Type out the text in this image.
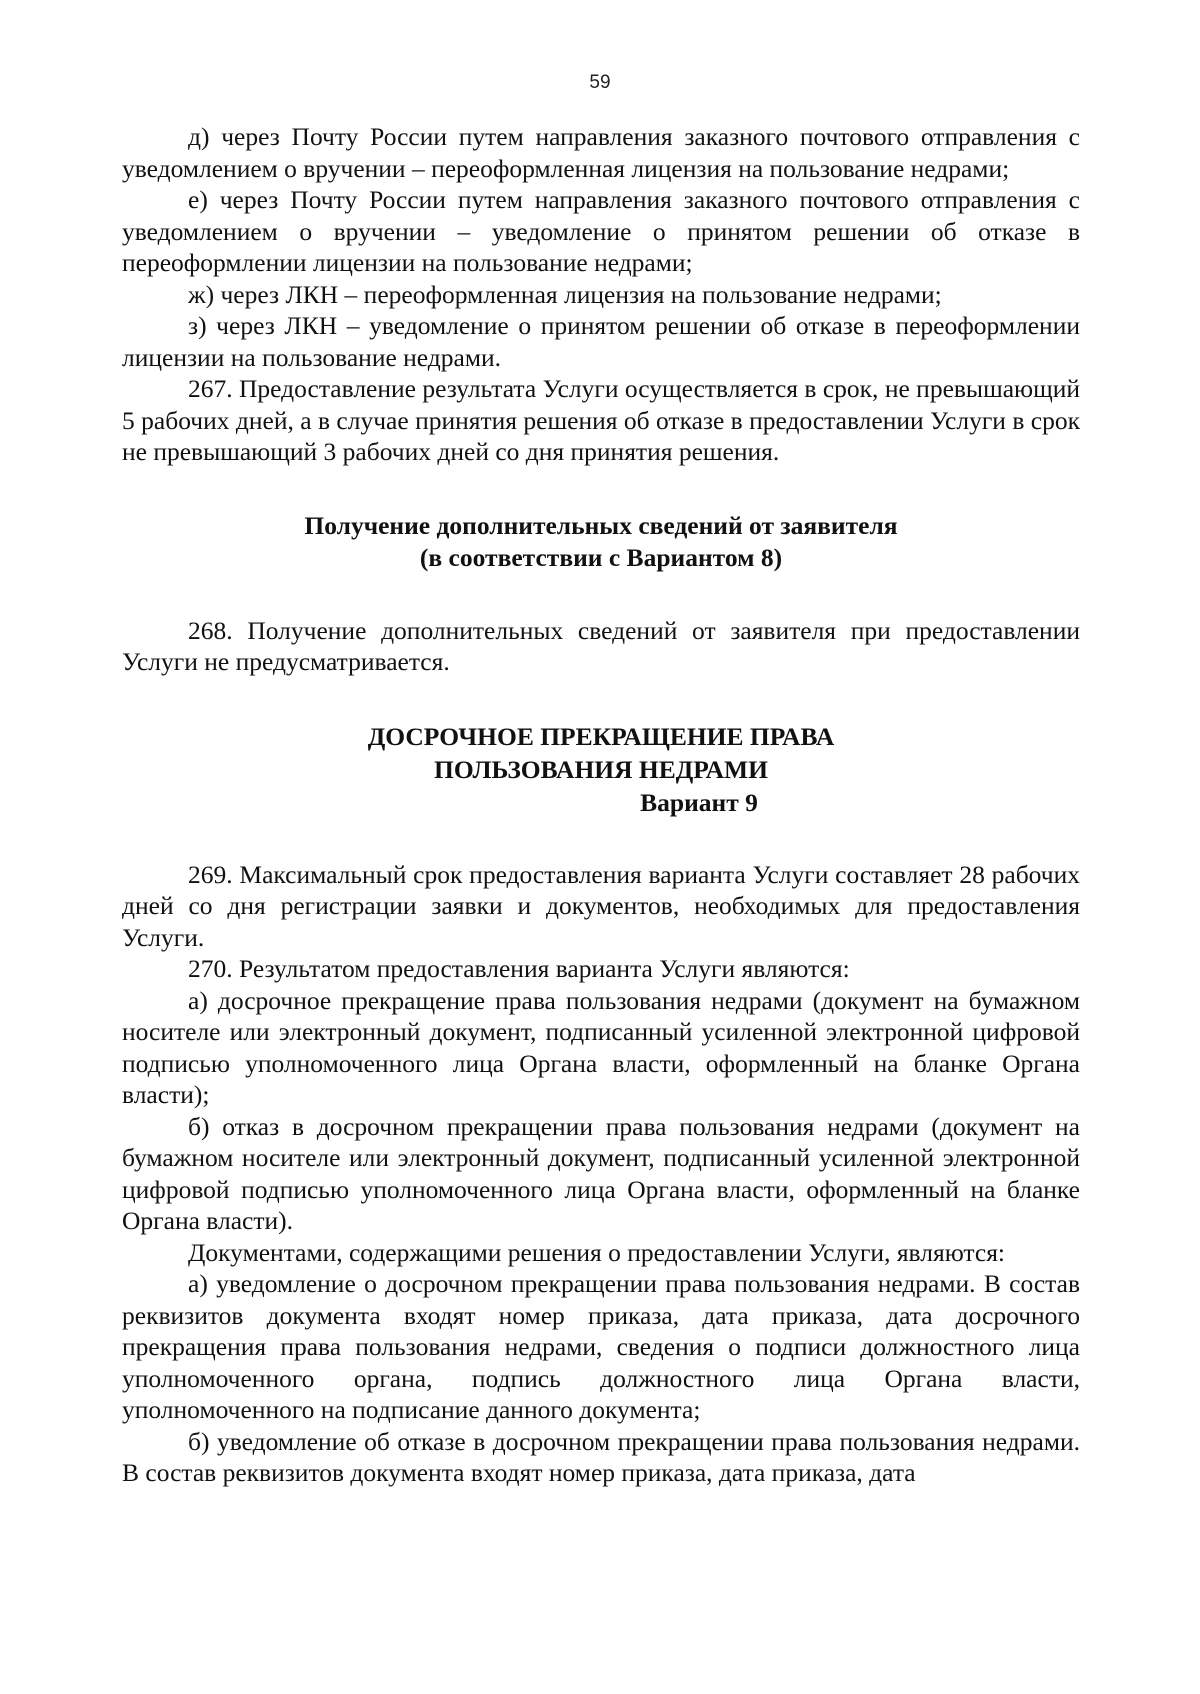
59

д) через Почту России путем направления заказного почтового отправления с уведомлением о вручении – переоформленная лицензия на пользование недрами;

е) через Почту России путем направления заказного почтового отправления с уведомлением о вручении – уведомление о принятом решении об отказе в переоформлении лицензии на пользование недрами;

ж) через ЛКН – переоформленная лицензия на пользование недрами;

з) через ЛКН – уведомление о принятом решении об отказе в переоформлении лицензии на пользование недрами.

267. Предоставление результата Услуги осуществляется в срок, не превышающий 5 рабочих дней, а в случае принятия решения об отказе в предоставлении Услуги в срок не превышающий 3 рабочих дней со дня принятия решения.

Получение дополнительных сведений от заявителя

(в соответствии с Вариантом 8)

268. Получение дополнительных сведений от заявителя при предоставлении Услуги не предусматривается.

ДОСРОЧНОЕ ПРЕКРАЩЕНИЕ ПРАВА

ПОЛЬЗОВАНИЯ НЕДРАМИ

Вариант 9

269. Максимальный срок предоставления варианта Услуги составляет 28 рабочих дней со дня регистрации заявки и документов, необходимых для предоставления Услуги.

270. Результатом предоставления варианта Услуги являются:

а) досрочное прекращение права пользования недрами (документ на бумажном носителе или электронный документ, подписанный усиленной электронной цифровой подписью уполномоченного лица Органа власти, оформленный на бланке Органа власти);

б) отказ в досрочном прекращении права пользования недрами (документ на бумажном носителе или электронный документ, подписанный усиленной электронной цифровой подписью уполномоченного лица Органа власти, оформленный на бланке Органа власти).

Документами, содержащими решения о предоставлении Услуги, являются:

а) уведомление о досрочном прекращении права пользования недрами. В состав реквизитов документа входят номер приказа, дата приказа, дата досрочного прекращения права пользования недрами, сведения о подписи должностного лица уполномоченного органа, подпись должностного лица Органа власти, уполномоченного на подписание данного документа;

б) уведомление об отказе в досрочном прекращении права пользования недрами. В состав реквизитов документа входят номер приказа, дата приказа, дата
